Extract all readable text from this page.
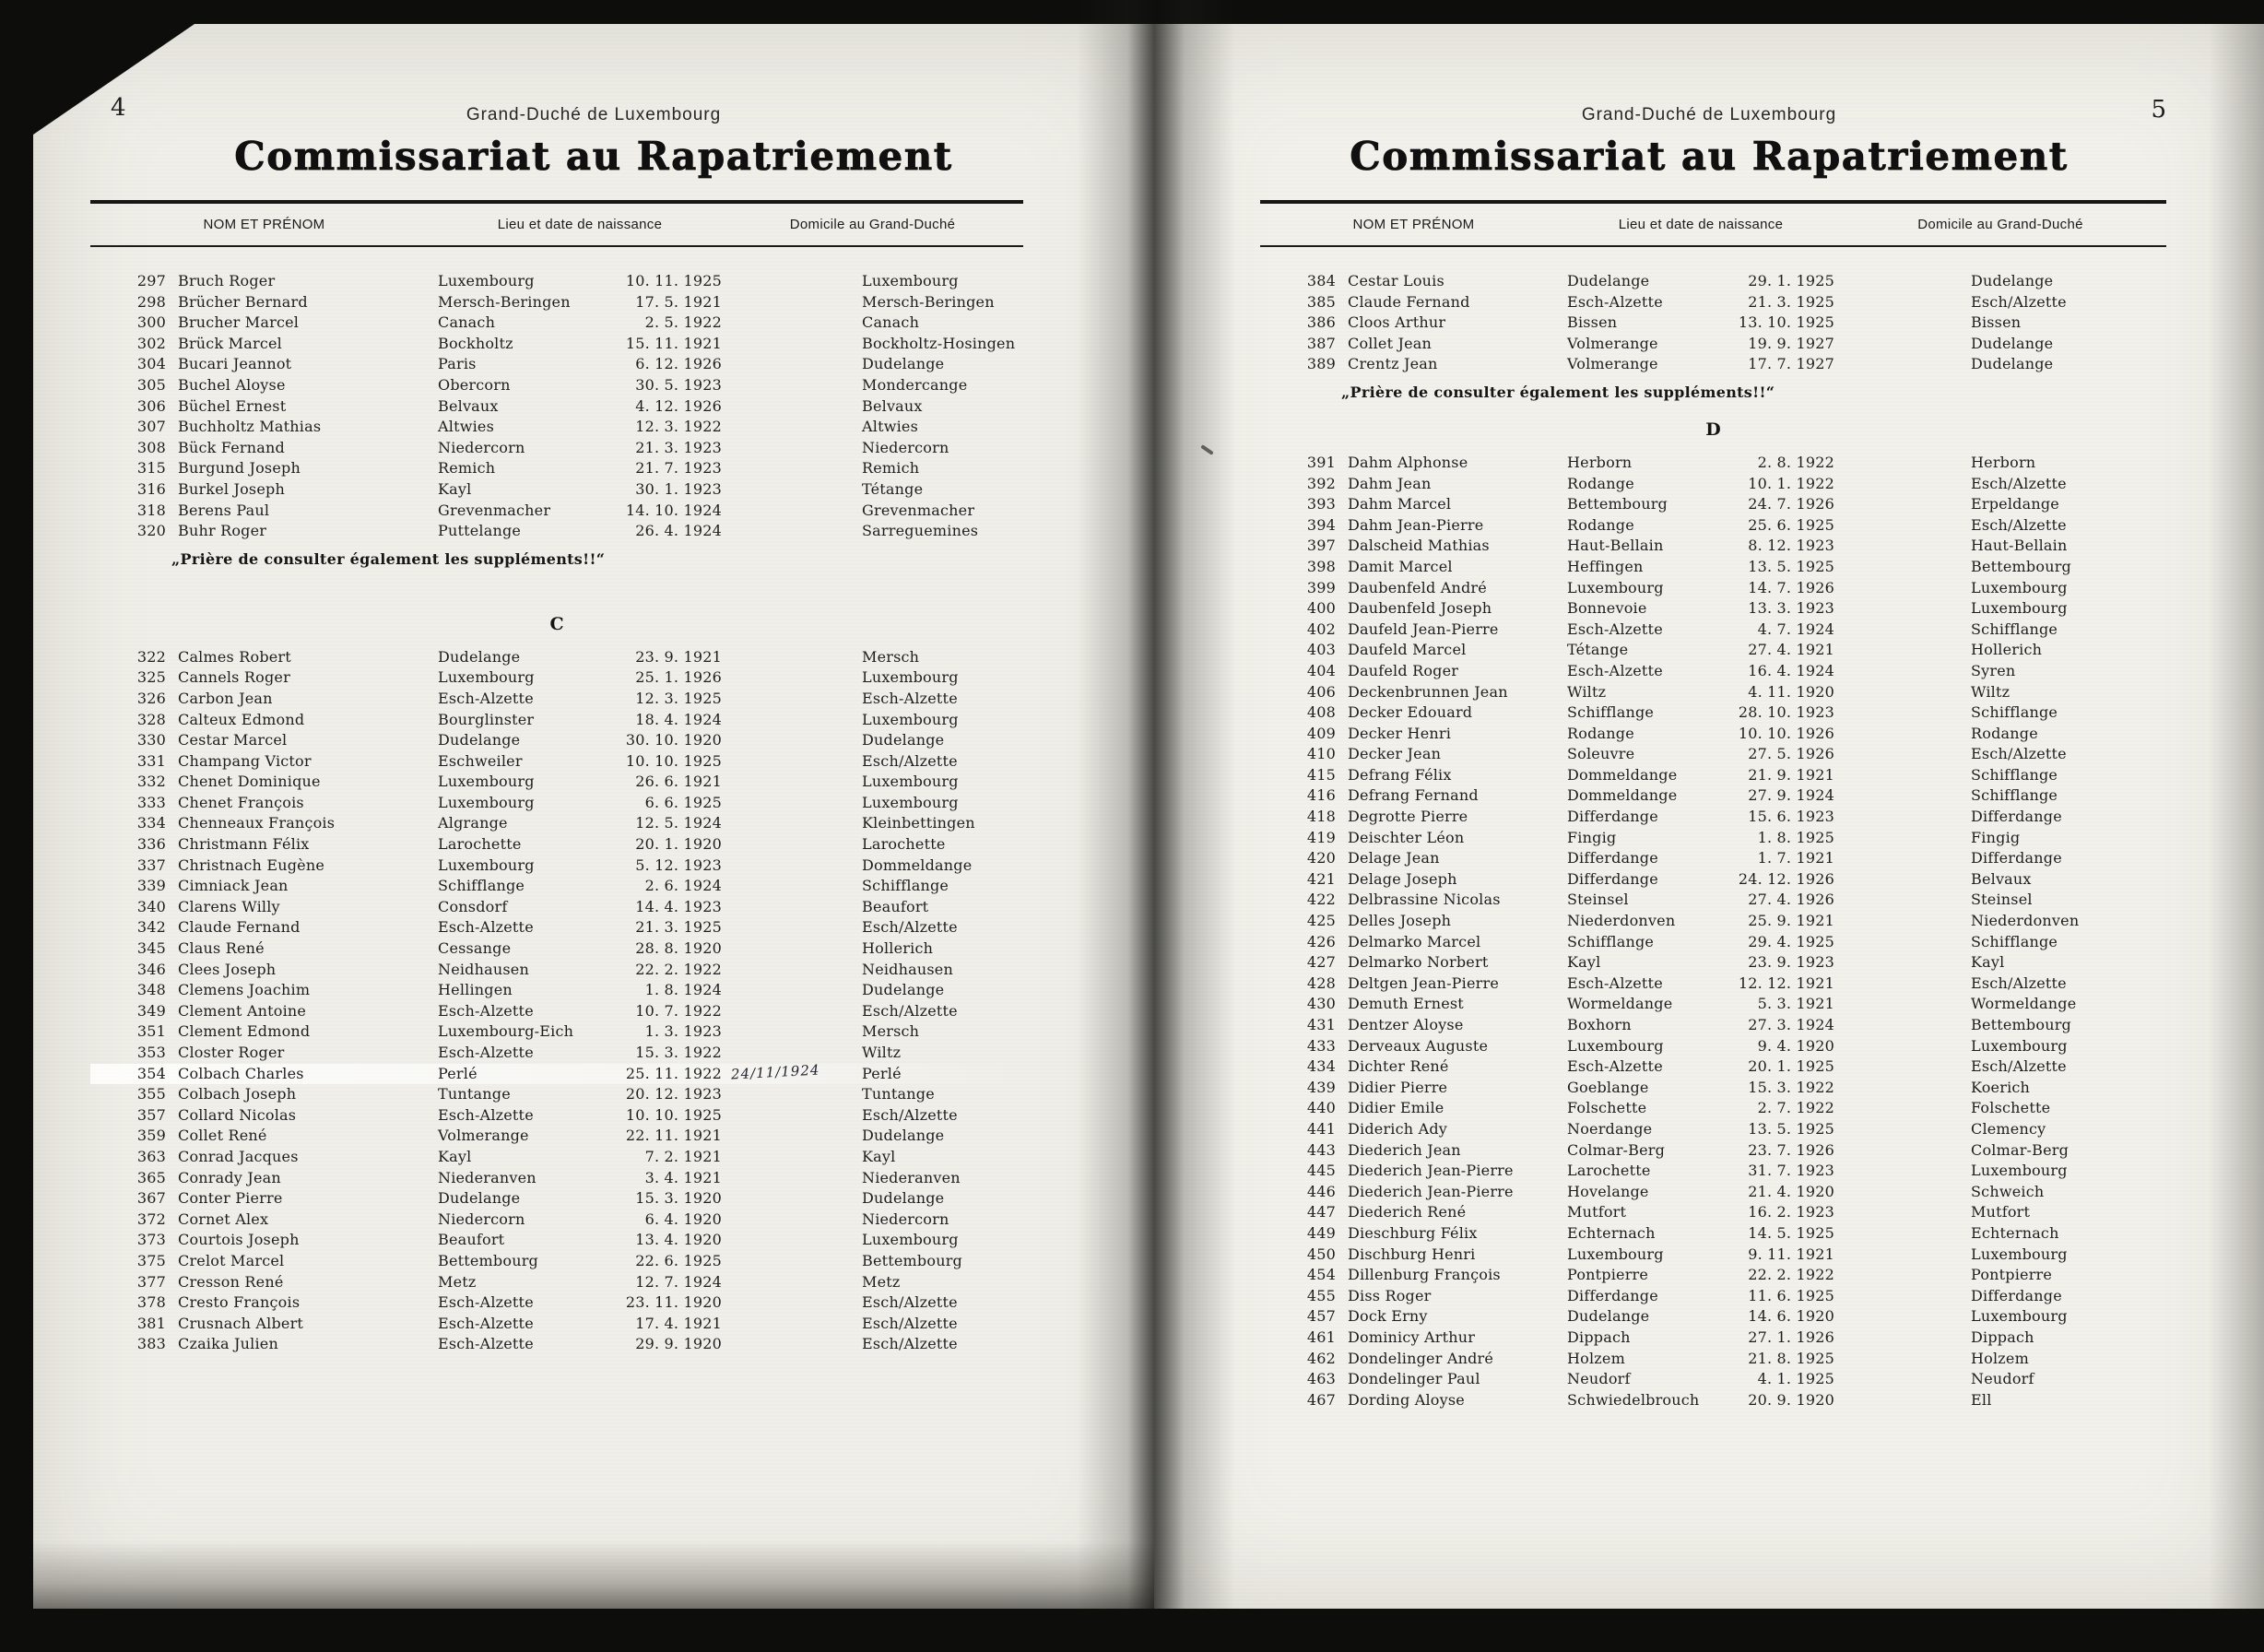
4	Grand-Duché de Luxembourg
Commissariat au Rapatriement
NOM ET PRÉNOM	Lieu et date de naissance	Domicile au Grand-Duché
297 Bruch Roger	Luxembourg	10. 11. 1925	Luxembourg
298 Brücher Bernard	Mersch-Beringen	17. 5. 1921	Mersch-Beringen
300 Brucher Marcel	Canach	2. 5. 1922	Canach
302 Brück Marcel	Bockholtz	15. 11. 1921	Bockholtz-Hosingen
304 Bucari Jeannot	Paris	6. 12. 1926	Dudelange
305 Buchel Aloyse	Obercorn	30. 5. 1923	Mondercange
306 Büchel Ernest	Belvaux	4. 12. 1926	Belvaux
307 Buchholtz Mathias	Altwies	12. 3. 1922	Altwies
308 Bück Fernand	Niedercorn	21. 3. 1923	Niedercorn
315 Burgund Joseph	Remich	21. 7. 1923	Remich
316 Burkel Joseph	Kayl	30. 1. 1923	Tétange
318 Berens Paul	Grevenmacher	14. 10. 1924	Grevenmacher
320 Buhr Roger	Puttelange	26. 4. 1924	Sarreguemines
„Prière de consulter également les suppléments!!“
C
322 Calmes Robert	Dudelange	23. 9. 1921	Mersch
325 Cannels Roger	Luxembourg	25. 1. 1926	Luxembourg
326 Carbon Jean	Esch-Alzette	12. 3. 1925	Esch-Alzette
328 Calteux Edmond	Bourglinster	18. 4. 1924	Luxembourg
330 Cestar Marcel	Dudelange	30. 10. 1920	Dudelange
331 Champang Victor	Eschweiler	10. 10. 1925	Esch/Alzette
332 Chenet Dominique	Luxembourg	26. 6. 1921	Luxembourg
333 Chenet François	Luxembourg	6. 6. 1925	Luxembourg
334 Chenneaux François	Algrange	12. 5. 1924	Kleinbettingen
336 Christmann Félix	Larochette	20. 1. 1920	Larochette
337 Christnach Eugène	Luxembourg	5. 12. 1923	Dommeldange
339 Cimniack Jean	Schifflange	2. 6. 1924	Schifflange
340 Clarens Willy	Consdorf	14. 4. 1923	Beaufort
342 Claude Fernand	Esch-Alzette	21. 3. 1925	Esch/Alzette
345 Claus René	Cessange	28. 8. 1920	Hollerich
346 Clees Joseph	Neidhausen	22. 2. 1922	Neidhausen
348 Clemens Joachim	Hellingen	1. 8. 1924	Dudelange
349 Clement Antoine	Esch-Alzette	10. 7. 1922	Esch/Alzette
351 Clement Edmond	Luxembourg-Eich	1. 3. 1923	Mersch
353 Closter Roger	Esch-Alzette	15. 3. 1922	Wiltz
354 Colbach Charles	Perlé	25. 11. 1922	Perlé
24/11/1924
355 Colbach Joseph	Tuntange	20. 12. 1923	Tuntange
357 Collard Nicolas	Esch-Alzette	10. 10. 1925	Esch/Alzette
359 Collet René	Volmerange	22. 11. 1921	Dudelange
363 Conrad Jacques	Kayl	7. 2. 1921	Kayl
365 Conrady Jean	Niederanven	3. 4. 1921	Niederanven
367 Conter Pierre	Dudelange	15. 3. 1920	Dudelange
372 Cornet Alex	Niedercorn	6. 4. 1920	Niedercorn
373 Courtois Joseph	Beaufort	13. 4. 1920	Luxembourg
375 Crelot Marcel	Bettembourg	22. 6. 1925	Bettembourg
377 Cresson René	Metz	12. 7. 1924	Metz
378 Cresto François	Esch-Alzette	23. 11. 1920	Esch/Alzette
381 Crusnach Albert	Esch-Alzette	17. 4. 1921	Esch/Alzette
383 Czaika Julien	Esch-Alzette	29. 9. 1920	Esch/Alzette
5
Grand-Duché de Luxembourg
Commissariat au Rapatriement
NOM ET PRÉNOM	Lieu et date de naissance	Domicile au Grand-Duché
384 Cestar Louis	Dudelange	29. 1. 1925	Dudelange
385 Claude Fernand	Esch-Alzette	21. 3. 1925	Esch/Alzette
386 Cloos Arthur	Bissen	13. 10. 1925	Bissen
387 Collet Jean	Volmerange	19. 9. 1927	Dudelange
389 Crentz Jean	Volmerange	17. 7. 1927	Dudelange
„Prière de consulter également les suppléments!!“
D
391 Dahm Alphonse	Herborn	2. 8. 1922	Herborn
392 Dahm Jean	Rodange	10. 1. 1922	Esch/Alzette
393 Dahm Marcel	Bettembourg	24. 7. 1926	Erpeldange
394 Dahm Jean-Pierre	Rodange	25. 6. 1925	Esch/Alzette
397 Dalscheid Mathias	Haut-Bellain	8. 12. 1923	Haut-Bellain
398 Damit Marcel	Heffingen	13. 5. 1925	Bettembourg
399 Daubenfeld André	Luxembourg	14. 7. 1926	Luxembourg
400 Daubenfeld Joseph	Bonnevoie	13. 3. 1923	Luxembourg
402 Daufeld Jean-Pierre	Esch-Alzette	4. 7. 1924	Schifflange
403 Daufeld Marcel	Tétange	27. 4. 1921	Hollerich
404 Daufeld Roger	Esch-Alzette	16. 4. 1924	Syren
406 Deckenbrunnen Jean	Wiltz	4. 11. 1920	Wiltz
408 Decker Edouard	Schifflange	28. 10. 1923	Schifflange
409 Decker Henri	Rodange	10. 10. 1926	Rodange
410 Decker Jean	Soleuvre	27. 5. 1926	Esch/Alzette
415 Defrang Félix	Dommeldange	21. 9. 1921	Schifflange
416 Defrang Fernand	Dommeldange	27. 9. 1924	Schifflange
418 Degrotte Pierre	Differdange	15. 6. 1923	Differdange
419 Deischter Léon	Fingig	1. 8. 1925	Fingig
420 Delage Jean	Differdange	1. 7. 1921	Differdange
421 Delage Joseph	Differdange	24. 12. 1926	Belvaux
422 Delbrassine Nicolas	Steinsel	27. 4. 1926	Steinsel
425 Delles Joseph	Niederdonven	25. 9. 1921	Niederdonven
426 Delmarko Marcel	Schifflange	29. 4. 1925	Schifflange
427 Delmarko Norbert	Kayl	23. 9. 1923	Kayl
428 Deltgen Jean-Pierre	Esch-Alzette	12. 12. 1921	Esch/Alzette
430 Demuth Ernest	Wormeldange	5. 3. 1921	Wormeldange
431 Dentzer Aloyse	Boxhorn	27. 3. 1924	Bettembourg
433 Derveaux Auguste	Luxembourg	9. 4. 1920	Luxembourg
434 Dichter René	Esch-Alzette	20. 1. 1925	Esch/Alzette
439 Didier Pierre	Goeblange	15. 3. 1922	Koerich
440 Didier Emile	Folschette	2. 7. 1922	Folschette
441 Diderich Ady	Noerdange	13. 5. 1925	Clemency
443 Diederich Jean	Colmar-Berg	23. 7. 1926	Colmar-Berg
445 Diederich Jean-Pierre	Larochette	31. 7. 1923	Luxembourg
446 Diederich Jean-Pierre	Hovelange	21. 4. 1920	Schweich
447 Diederich René	Mutfort	16. 2. 1923	Mutfort
449 Dieschburg Félix	Echternach	14. 5. 1925	Echternach
450 Dischburg Henri	Luxembourg	9. 11. 1921	Luxembourg
454 Dillenburg François	Pontpierre	22. 2. 1922	Pontpierre
455 Diss Roger	Differdange	11. 6. 1925	Differdange
457 Dock Erny	Dudelange	14. 6. 1920	Luxembourg
461 Dominicy Arthur	Dippach	27. 1. 1926	Dippach
462 Dondelinger André	Holzem	21. 8. 1925	Holzem
463 Dondelinger Paul	Neudorf	4. 1. 1925	Neudorf
467 Dording Aloyse	Schwiedelbrouch	20. 9. 1920	Ell
